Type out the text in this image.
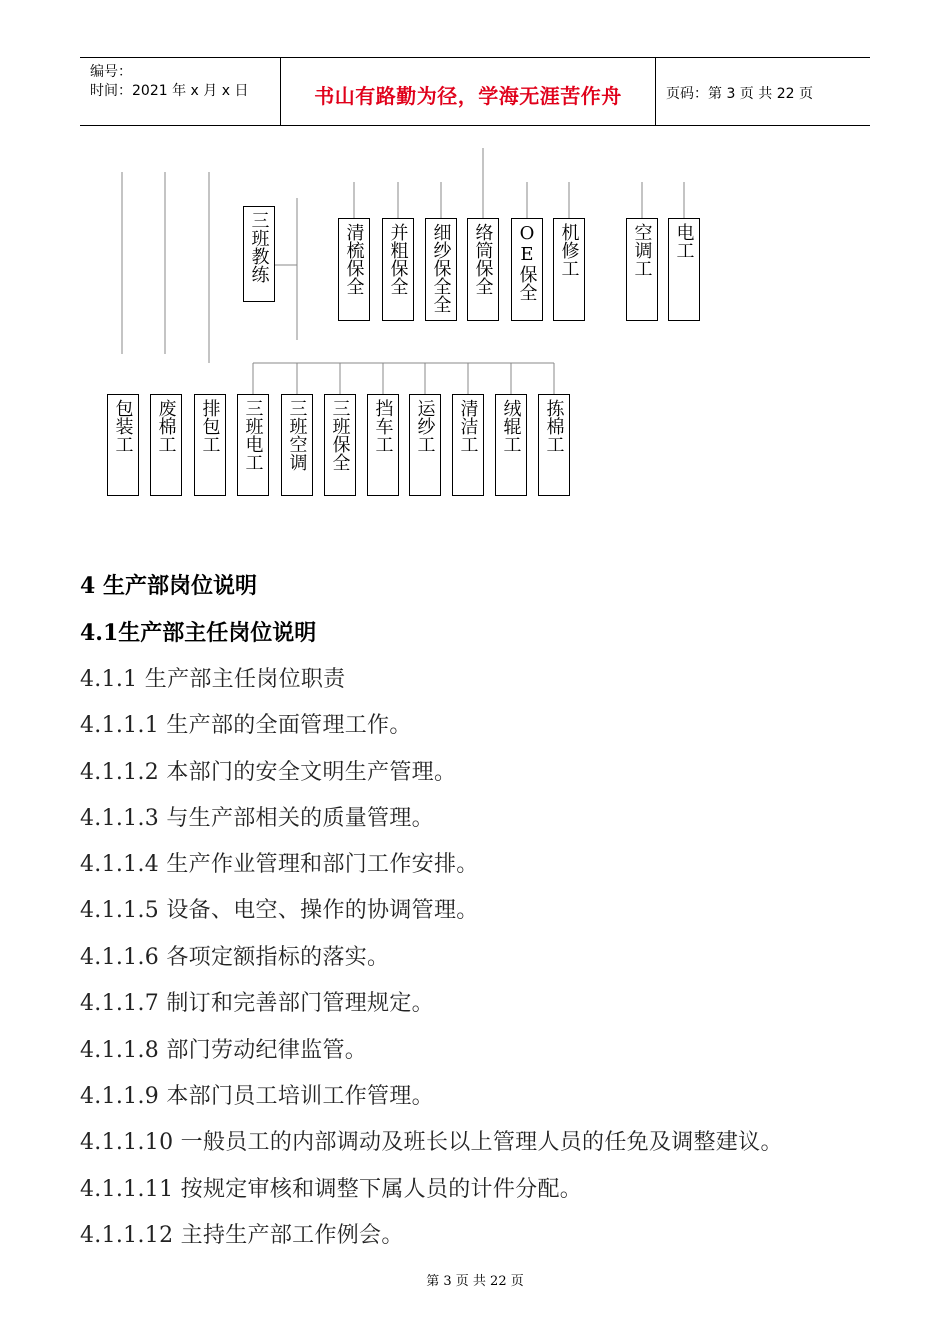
编号：
时间：2021 年 x 月 x 日	书山有路勤为径，学海无涯苦作舟	页码：第 3 页 共 22 页
三班教练	清梳保全	并粗保全	细纱保全全	络筒保全	OE保全	机修工	空调工	电工
包装工	废棉工	排包工	三班电工	三班空调	三班保全	挡车工	运纱工	清洁工	绒辊工	拣棉工
4 生产部岗位说明
4.1生产部主任岗位说明
4.1.1 生产部主任岗位职责
4.1.1.1 生产部的全面管理工作。
4.1.1.2 本部门的安全文明生产管理。
4.1.1.3 与生产部相关的质量管理。
4.1.1.4 生产作业管理和部门工作安排。
4.1.1.5 设备、电空、操作的协调管理。
4.1.1.6 各项定额指标的落实。
4.1.1.7 制订和完善部门管理规定。
4.1.1.8 部门劳动纪律监管。
4.1.1.9 本部门员工培训工作管理。
4.1.1.10 一般员工的内部调动及班长以上管理人员的任免及调整建议。
4.1.1.11 按规定审核和调整下属人员的计件分配。
4.1.1.12 主持生产部工作例会。
第 3 页 共 22 页
